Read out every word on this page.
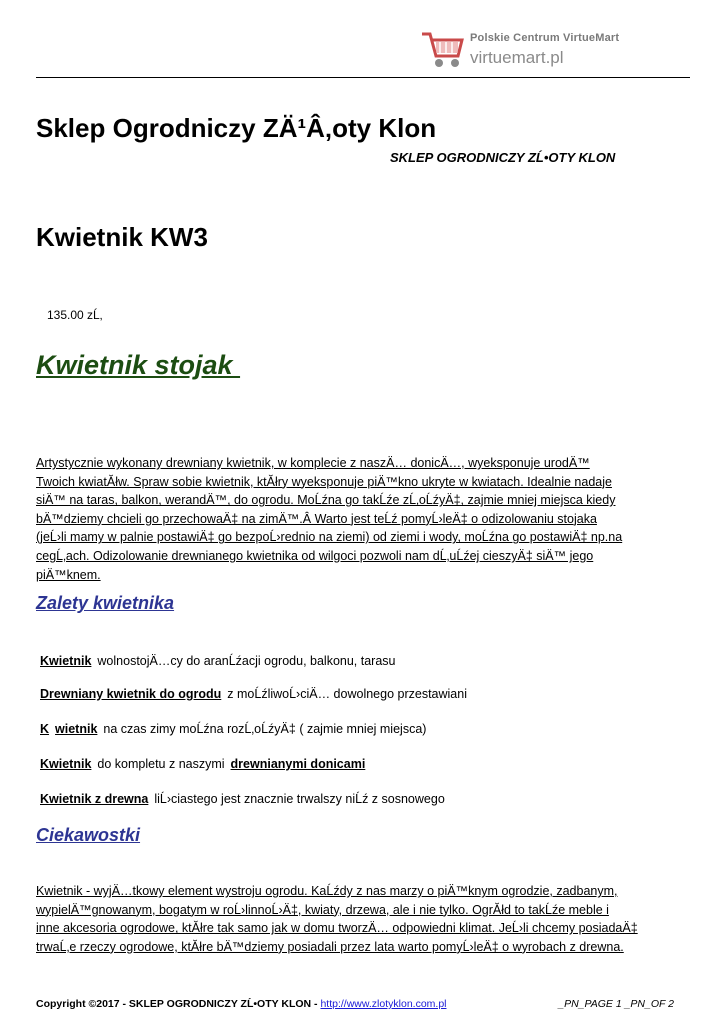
Polskie Centrum VirtueMart
virtuemart.pl
Sklep Ogrodniczy ZÄ¹Â‚oty Klon
SKLEP OGRODNICZY ZĹ•OTY KLON
Kwietnik KW3
135.00 zĹ‚
Kwietnik stojak
Artystycznie wykonany drewniany kwietnik, w komplecie z naszÄ… donicÄ…, wyeksponuje urodÄ™
Twoich kwiatĂłw. Spraw sobie kwietnik, ktĂłry wyeksponuje piÄ™kno ukryte w kwiatach. Idealnie nadaje
siÄ™ na taras, balkon, werandÄ™, do ogrodu. MoĹźna go takĹźe zĹ‚oĹźyÄ‡, zajmie mniej miejsca kiedy
bÄ™dziemy chcieli go przechowaÄ‡ na zimÄ™.Â Warto jest teĹź pomyĹ›leÄ‡ o odizolowaniu stojaka
(jeĹ›li mamy w palnie postawiÄ‡ go bezpoĹ›rednio na ziemi) od ziemi i wody, moĹźna go postawiÄ‡ np.na
cegĹ‚ach. Odizolowanie drewnianego kwietnika od wilgoci pozwoli nam dĹ‚uĹźej cieszyÄ‡ siÄ™ jego
piÄ™knem.
Zalety kwietnika
Kwietnik wolnostojÄ…cy do aranĹźacji ogrodu, balkonu, tarasu
Drewniany kwietnik do ogrodu z moĹźliwoĹ›ciÄ… dowolnego przestawiani
K wietnik na czas zimy moĹźna rozĹ‚oĹźyÄ‡ ( zajmie mniej miejsca)
Kwietnik do kompletu z naszymi drewnianymi donicami
Kwietnik z drewna liĹ›ciastego jest znacznie trwalszy niĹź z sosnowego
Ciekawostki
Kwietnik - wyjÄ…tkowy element wystroju ogrodu. KaĹźdy z nas marzy o piÄ™knym ogrodzie, zadbanym,
wypielÄ™gnowanym, bogatym w roĹ›linnoĹ›Ä‡, kwiaty, drzewa, ale i nie tylko. OgrĂłd to takĹźe meble i
inne akcesoria ogrodowe, ktĂłre tak samo jak w domu tworzÄ… odpowiedni klimat. JeĹ›li chcemy posiadaÄ‡
trwaĹ‚e rzeczy ogrodowe, ktĂłre bÄ™dziemy posiadali przez lata warto pomyĹ›leÄ‡ o wyrobach z drewna.
Copyright ©2017 - SKLEP OGRODNICZY ZĹ•OTY KLON - http://www.zlotyklon.com.pl	_PN_PAGE 1 _PN_OF 2
